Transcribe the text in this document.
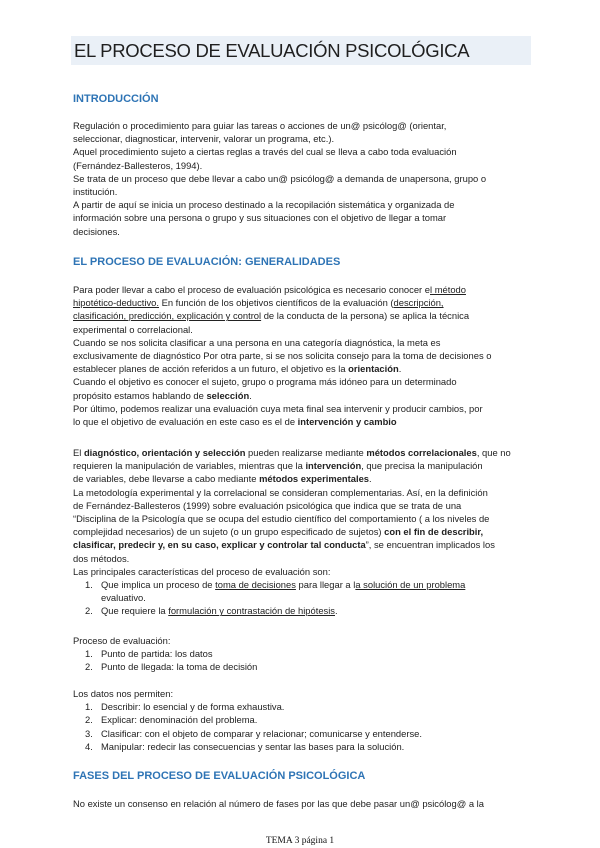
EL PROCESO DE EVALUACIÓN PSICOLÓGICA
INTRODUCCIÓN
Regulación o procedimiento para guiar las tareas o acciones de un@ psicólog@ (orientar,
seleccionar, diagnosticar, intervenir, valorar un programa, etc.).
Aquel procedimiento sujeto a ciertas reglas a través del cual se lleva a cabo toda evaluación
(Fernández-Ballesteros, 1994).
Se trata de un proceso que debe llevar a cabo un@ psicólog@ a demanda de unapersona, grupo o
institución.
A partir de aquí se inicia un proceso destinado a la recopilación sistemática y organizada de
información sobre una persona o grupo y sus situaciones con el objetivo de llegar a tomar
decisiones.
EL PROCESO DE EVALUACIÓN: GENERALIDADES
Para poder llevar a cabo el proceso de evaluación psicológica es necesario conocer el método
hipotético-deductivo. En función de los objetivos científicos de la evaluación (descripción,
clasificación, predicción, explicación y control de la conducta de la persona) se aplica la técnica
experimental o correlacional.
Cuando se nos solicita clasificar a una persona en una categoría diagnóstica, la meta es
exclusivamente de diagnóstico Por otra parte, si se nos solicita consejo para la toma de decisiones o
establecer planes de acción referidos a un futuro, el objetivo es la orientación.
Cuando el objetivo es conocer el sujeto, grupo o programa más idóneo para un determinado
propósito estamos hablando de selección.
Por último, podemos realizar una evaluación cuya meta final sea intervenir y producir cambios, por
lo que el objetivo de evaluación en este caso es el de intervención y cambio
El diagnóstico, orientación y selección pueden realizarse mediante métodos correlacionales, que no
requieren la manipulación de variables, mientras que la intervención, que precisa la manipulación
de variables, debe llevarse a cabo mediante métodos experimentales.
La metodología experimental y la correlacional se consideran complementarias. Así, en la definición
de Fernández-Ballesteros (1999) sobre evaluación psicológica que indica que se trata de una
“Disciplina de la Psicología que se ocupa del estudio científico del comportamiento ( a los niveles de
complejidad necesarios) de un sujeto (o un grupo especificado de sujetos) con el fin de describir,
clasificar, predecir y, en su caso, explicar y controlar tal conducta”, se encuentran implicados los
dos métodos.
Las principales características del proceso de evaluación son:
1. Que implica un proceso de toma de decisiones para llegar a la solución de un problema
evaluativo.
2. Que requiere la formulación y contrastación de hipótesis.
Proceso de evaluación:
1. Punto de partida: los datos
2. Punto de llegada: la toma de decisión
Los datos nos permiten:
1. Describir: lo esencial y de forma exhaustiva.
2. Explicar: denominación del problema.
3. Clasificar: con el objeto de comparar y relacionar; comunicarse y entenderse.
4. Manipular: redecir las consecuencias y sentar las bases para la solución.
FASES DEL PROCESO DE EVALUACIÓN PSICOLÓGICA
No existe un consenso en relación al número de fases por las que debe pasar un@ psicólog@ a la
TEMA 3 página 1
